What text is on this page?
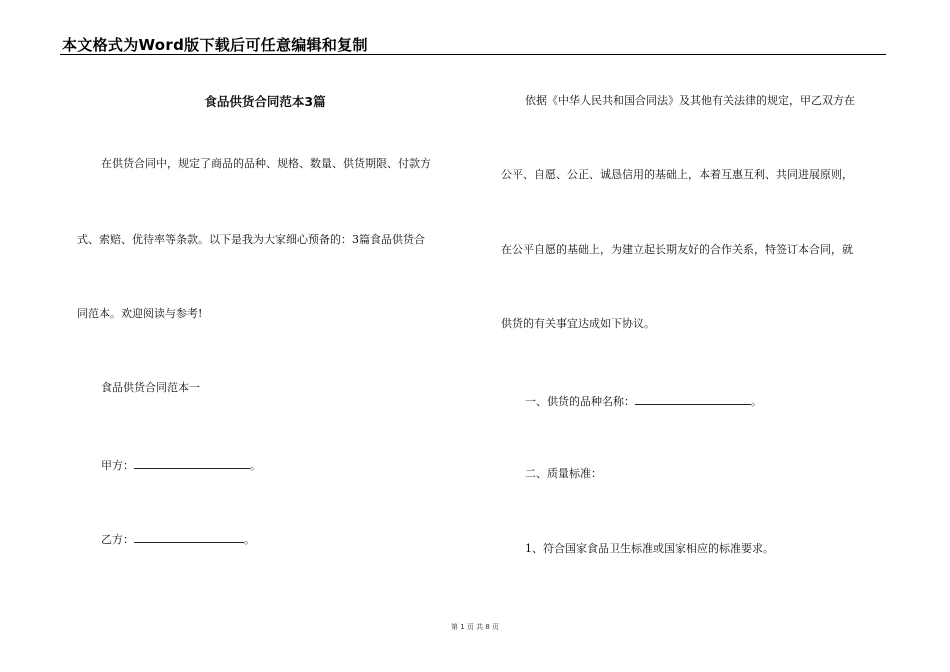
本文格式为Word版下载后可任意编辑和复制
食品供货合同范本3篇
在供货合同中，规定了商品的品种、规格、数量、供货期限、付款方
式、索赔、优待率等条款。以下是我为大家细心预备的：3篇食品供货合
同范本。欢迎阅读与参考!
食品供货合同范本一
甲方：	。
乙方：	。
依据《中华人民共和国合同法》及其他有关法律的规定，甲乙双方在
公平、自愿、公正、诚恳信用的基础上，本着互惠互利、共同进展原则，
在公平自愿的基础上，为建立起长期友好的合作关系，特签订本合同，就
供货的有关事宜达成如下协议。
一、供货的品种名称：	。
二、质量标准：
1、符合国家食品卫生标准或国家相应的标准要求。
第 1 页 共 8 页
